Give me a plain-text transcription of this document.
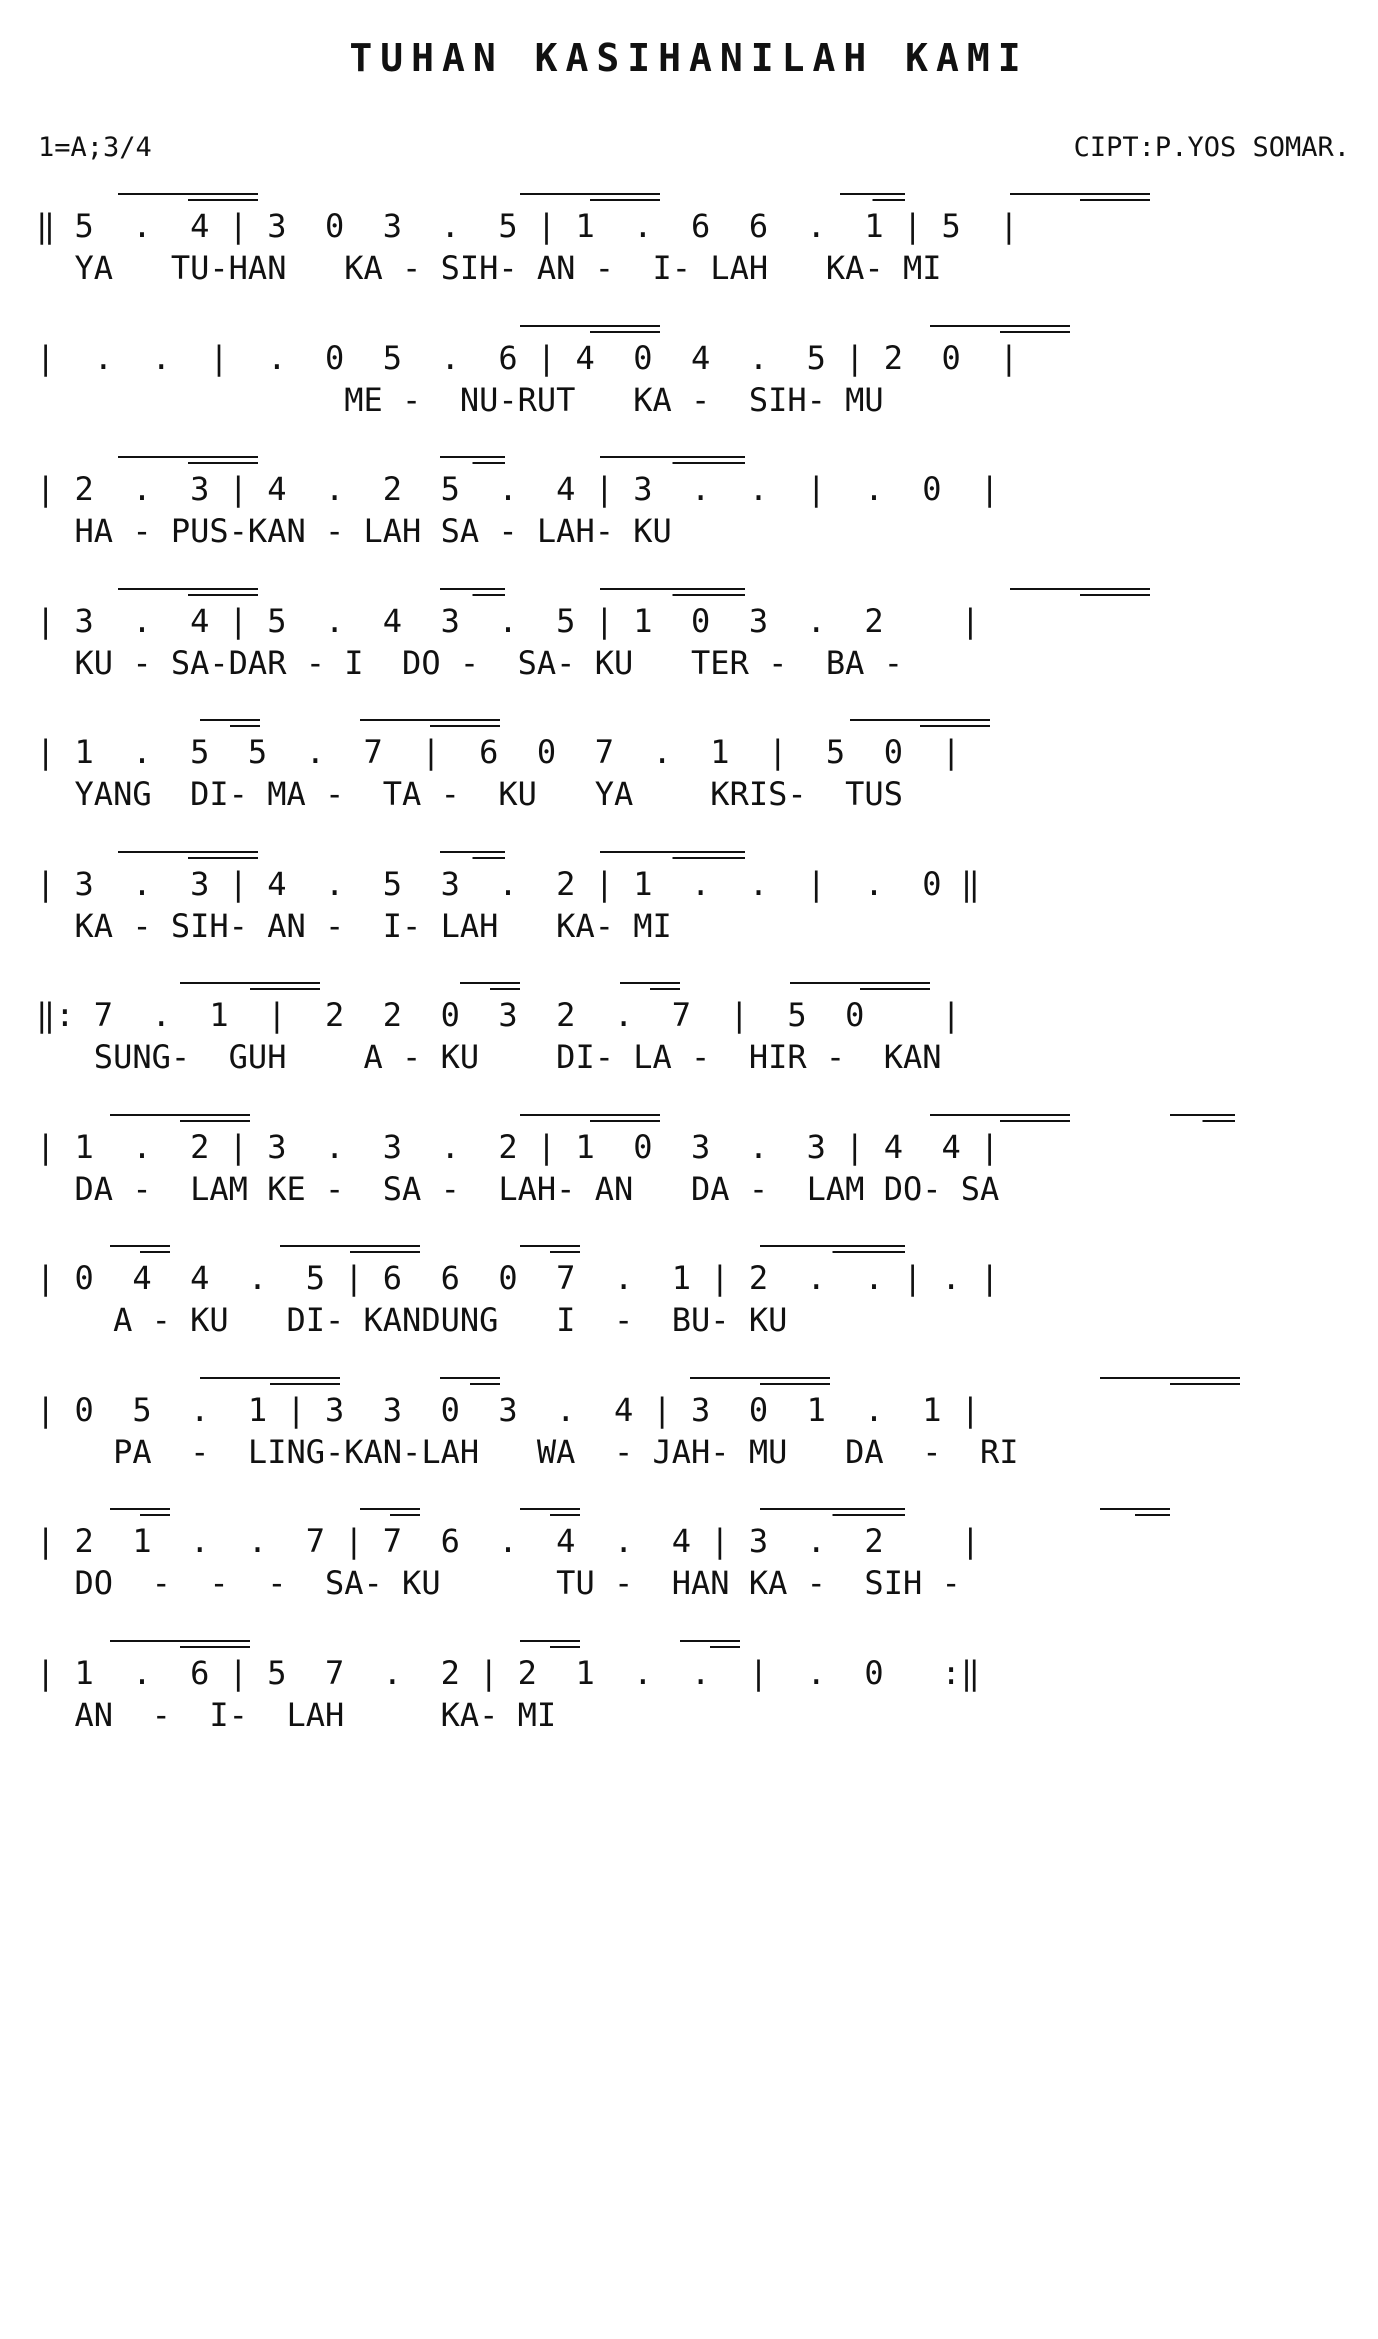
TUHAN KASIHANILAH KAMI
1=A;3/4	CIPT:P.YOS SOMAR.
‖ 5  .  4 | 3  0  3  .  5 | 1  .  6  6  .  1 | 5  |
YA   TU-HAN   KA - SIH- AN -  I- LAH   KA- MI
|  .  .  |  .  0  5  .  6 | 4  0  4  .  5 | 2  0  |
ME -  NU-RUT   KA -  SIH- MU
| 2  .  3 | 4  .  2  5  .  4 | 3  .  .  |  .  0  |
HA - PUS-KAN - LAH SA - LAH- KU
| 3  .  4 | 5  .  4  3  .  5 | 1  0  3  .  2    |
KU - SA-DAR - I  DO -  SA- KU   TER -  BA -
| 1  .  5  5  .  7  |  6  0  7  .  1  |  5  0  |
YANG  DI- MA -  TA -  KU   YA    KRIS-  TUS
| 3  .  3 | 4  .  5  3  .  2 | 1  .  .  |  .  0 ‖
KA - SIH- AN -  I- LAH   KA- MI
‖: 7  .  1  |  2  2  0  3  2  .  7  |  5  0    |
SUNG-  GUH    A - KU    DI- LA -  HIR -  KAN
| 1  .  2 | 3  .  3  .  2 | 1  0  3  .  3 | 4  4 |
DA -  LAM KE -  SA -  LAH- AN   DA -  LAM DO- SA
| 0  4  4  .  5 | 6  6  0  7  .  1 | 2  .  . | . |
A - KU   DI- KANDUNG   I  -  BU- KU
| 0  5  .  1 | 3  3  0  3  .  4 | 3  0  1  .  1 |
PA  -  LING-KAN-LAH   WA  - JAH- MU   DA  -  RI
| 2  1  .  .  7 | 7  6  .  4  .  4 | 3  .  2    |
DO  -  -  -  SA- KU      TU -  HAN KA -  SIH -
| 1  .  6 | 5  7  .  2 | 2  1  .  .  |  .  0   :‖
AN  -  I-  LAH     KA- MI
